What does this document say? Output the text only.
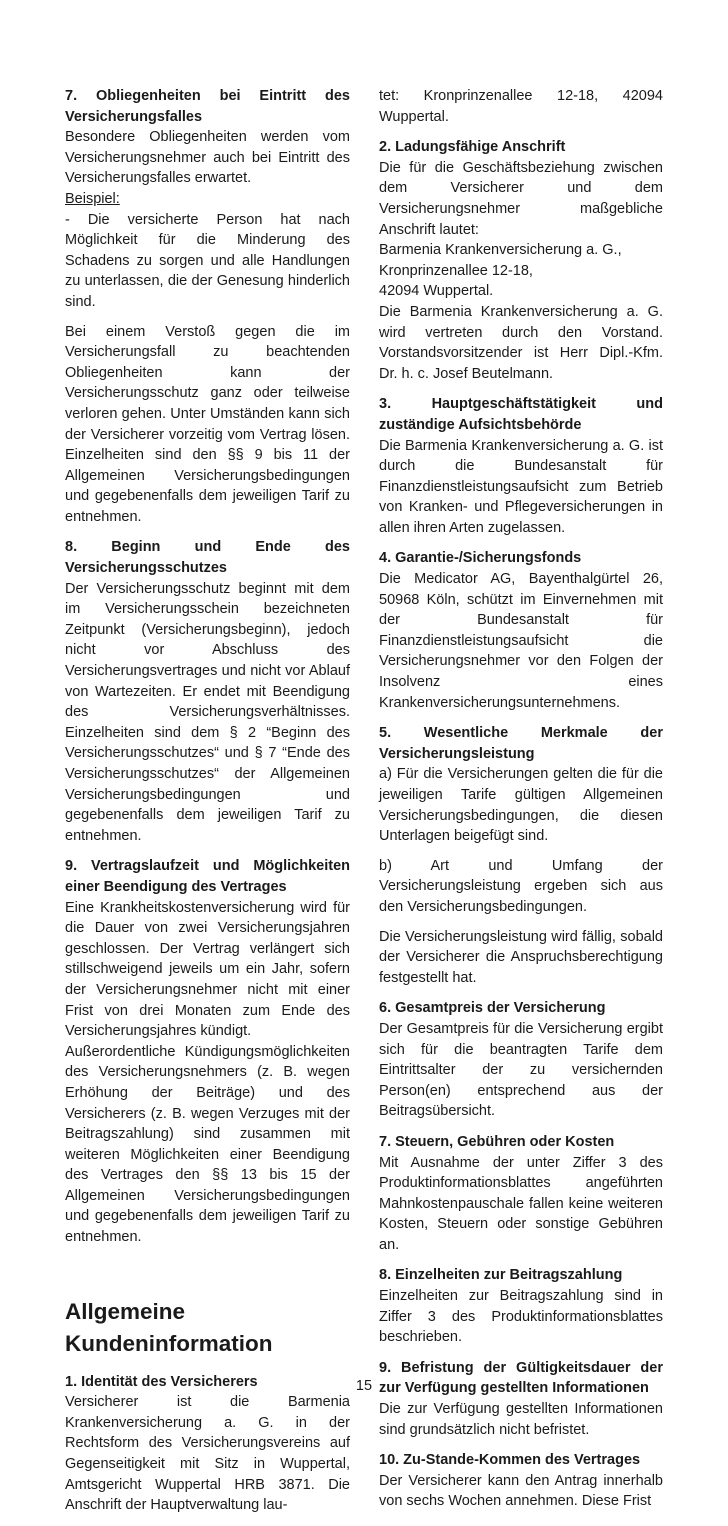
7. Obliegenheiten bei Eintritt des Versicherungsfalles

Besondere Obliegenheiten werden vom Versicherungsnehmer auch bei Eintritt des Versicherungsfalles erwartet.

Beispiel:

- Die versicherte Person hat nach Möglichkeit für die Minderung des Schadens zu sorgen und alle Handlungen zu unterlassen, die der Genesung hinderlich sind.

Bei einem Verstoß gegen die im Versicherungsfall zu beachtenden Obliegenheiten kann der Versicherungsschutz ganz oder teilweise verloren gehen. Unter Umständen kann sich der Versicherer vorzeitig vom Vertrag lösen. Einzelheiten sind den §§ 9 bis 11 der Allgemeinen Versicherungsbedingungen und gegebenenfalls dem jeweiligen Tarif zu entnehmen.

8. Beginn und Ende des Versicherungsschutzes

Der Versicherungsschutz beginnt mit dem im Versicherungsschein bezeichneten Zeitpunkt (Versicherungsbeginn), jedoch nicht vor Abschluss des Versicherungsvertrages und nicht vor Ablauf von Wartezeiten. Er endet mit Beendigung des Versicherungsverhältnisses. Einzelheiten sind dem § 2 “Beginn des Versicherungsschutzes“ und § 7 “Ende des Versicherungsschutzes“ der Allgemeinen Versicherungsbedingungen und gegebenenfalls dem jeweiligen Tarif zu entnehmen.

9. Vertragslaufzeit und Möglichkeiten einer Beendigung des Vertrages

Eine Krankheitskostenversicherung wird für die Dauer von zwei Versicherungsjahren geschlossen. Der Vertrag verlängert sich stillschweigend jeweils um ein Jahr, sofern der Versicherungsnehmer nicht mit einer Frist von drei Monaten zum Ende des Versicherungsjahres kündigt.

Außerordentliche Kündigungsmöglichkeiten des Versicherungsnehmers (z. B. wegen Erhöhung der Beiträge) und des Versicherers (z. B. wegen Verzuges mit der Beitragszahlung) sind zusammen mit weiteren Möglichkeiten einer Beendigung des Vertrages den §§ 13 bis 15 der Allgemeinen Versicherungsbedingungen und gegebenenfalls dem jeweiligen Tarif zu entnehmen.

Allgemeine
Kundeninformation

1. Identität des Versicherers

Versicherer ist die Barmenia Krankenversicherung a. G. in der Rechtsform des Versicherungsvereins auf Gegenseitigkeit mit Sitz in Wuppertal, Amtsgericht Wuppertal HRB 3871. Die Anschrift der Hauptverwaltung lau-

tet: Kronprinzenallee 12-18, 42094 Wuppertal.

2. Ladungsfähige Anschrift

Die für die Geschäftsbeziehung zwischen dem Versicherer und dem Versicherungsnehmer maßgebliche Anschrift lautet:

Barmenia Krankenversicherung a. G.,

Kronprinzenallee 12-18,

42094 Wuppertal.

Die Barmenia Krankenversicherung a. G. wird vertreten durch den Vorstand. Vorstandsvorsitzender ist Herr Dipl.-Kfm. Dr. h. c. Josef Beutelmann.

3. Hauptgeschäftstätigkeit und zuständige Aufsichtsbehörde

Die Barmenia Krankenversicherung a. G. ist durch die Bundesanstalt für Finanzdienstleistungsaufsicht zum Betrieb von Kranken- und Pflegeversicherungen in allen ihren Arten zugelassen.

4. Garantie-/Sicherungsfonds

Die Medicator AG, Bayenthalgürtel 26, 50968 Köln, schützt im Einvernehmen mit der Bundesanstalt für Finanzdienstleistungsaufsicht die Versicherungsnehmer vor den Folgen der Insolvenz eines Krankenversicherungsunternehmens.

5. Wesentliche Merkmale der Versicherungsleistung

a) Für die Versicherungen gelten die für die jeweiligen Tarife gültigen Allgemeinen Versicherungsbedingungen, die diesen Unterlagen beigefügt sind.

b) Art und Umfang der Versicherungsleistung ergeben sich aus den Versicherungsbedingungen.

Die Versicherungsleistung wird fällig, sobald der Versicherer die Anspruchsberechtigung festgestellt hat.

6. Gesamtpreis der Versicherung

Der Gesamtpreis für die Versicherung ergibt sich für die beantragten Tarife dem Eintrittsalter der zu versichernden Person(en) entsprechend aus der Beitragsübersicht.

7. Steuern, Gebühren oder Kosten

Mit Ausnahme der unter Ziffer 3 des Produktinformationsblattes angeführten Mahnkostenpauschale fallen keine weiteren Kosten, Steuern oder sonstige Gebühren an.

8. Einzelheiten zur Beitragszahlung

Einzelheiten zur Beitragszahlung sind in Ziffer 3 des Produktinformationsblattes beschrieben.

9. Befristung der Gültigkeitsdauer der zur Verfügung gestellten Informationen

Die zur Verfügung gestellten Informationen sind grundsätzlich nicht befristet.

10. Zu-Stande-Kommen des Vertrages

Der Versicherer kann den Antrag innerhalb von sechs Wochen annehmen. Diese Frist

15
